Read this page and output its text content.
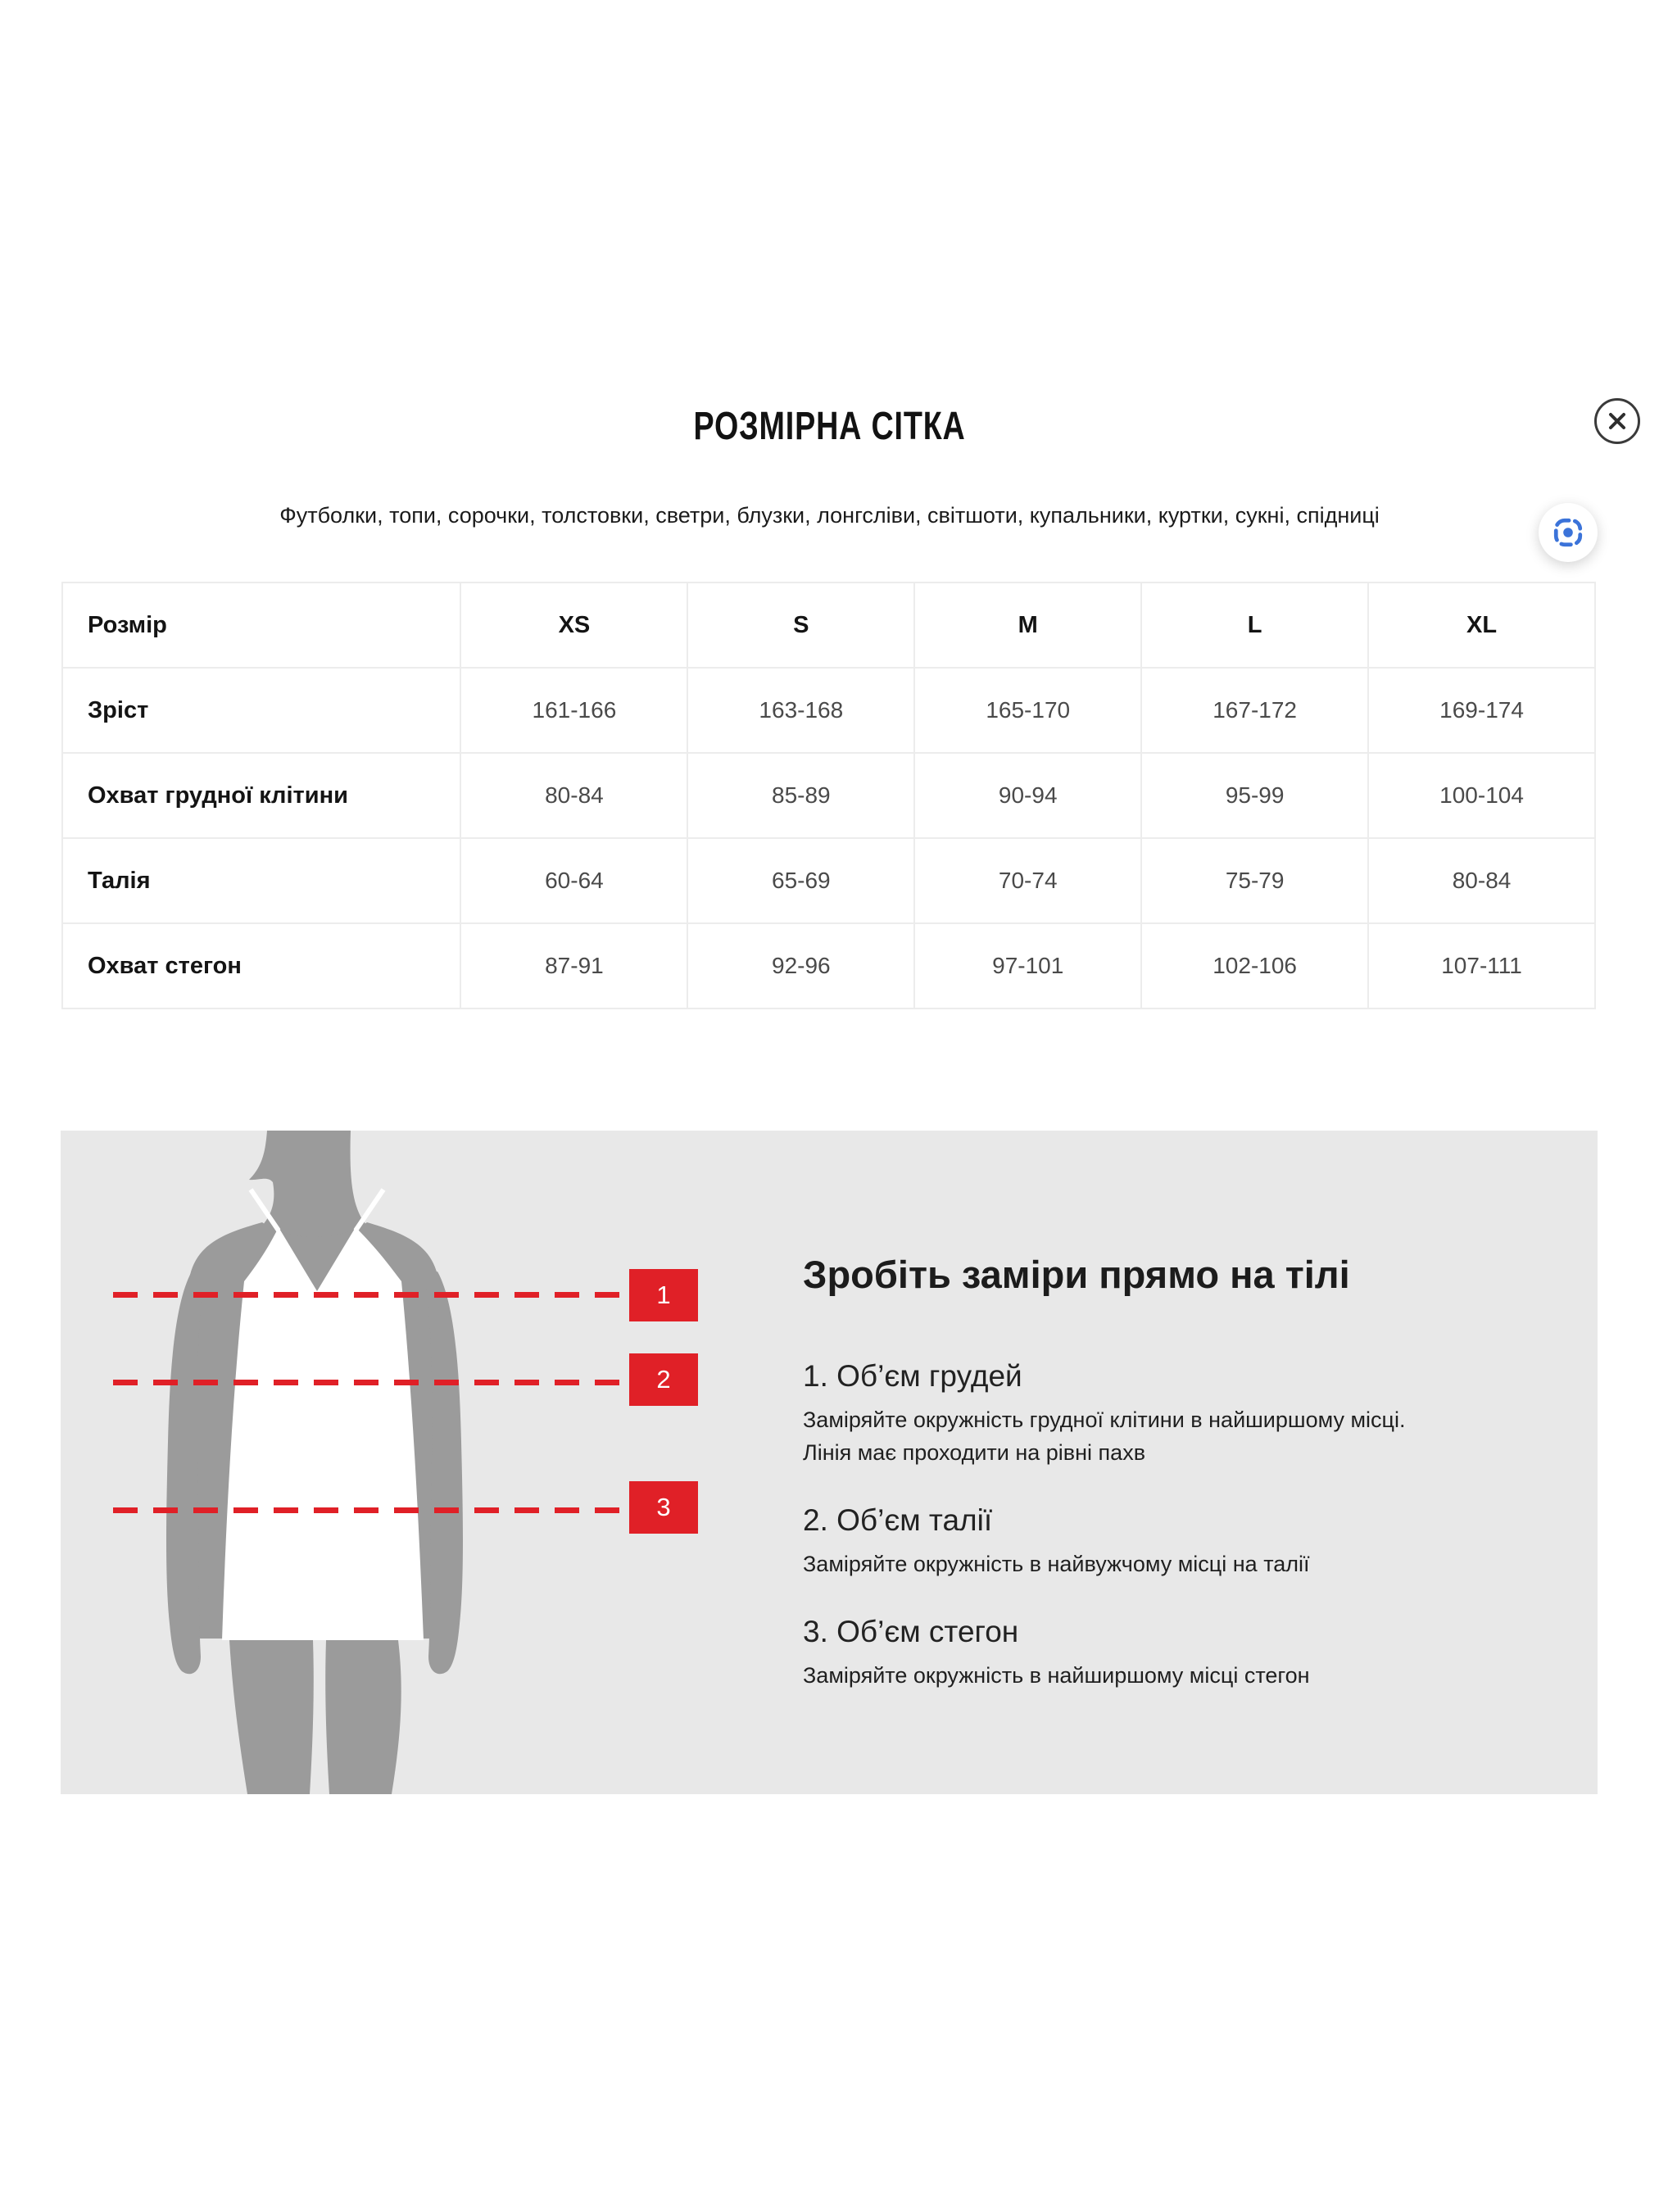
РОЗМІРНА СІТКА
Футболки, топи, сорочки, толстовки, светри, блузки, лонгсліви, світшоти, купальники, куртки, сукні, спідниці
Розмір	XS	S	M	L	XL
Зріст	161-166	163-168	165-170	167-172	169-174
Охват грудної клітини	80-84	85-89	90-94	95-99	100-104
Талія	60-64	65-69	70-74	75-79	80-84
Охват стегон	87-91	92-96	97-101	102-106	107-111
1
2
3
Зробіть заміри прямо на тілі
1. Об’єм грудей
Заміряйте окружність грудної клітини в найширшому місці.
Лінія має проходити на рівні пахв
2. Об’єм талії
Заміряйте окружність в найвужчому місці на талії
3. Об’єм стегон
Заміряйте окружність в найширшому місці стегон
